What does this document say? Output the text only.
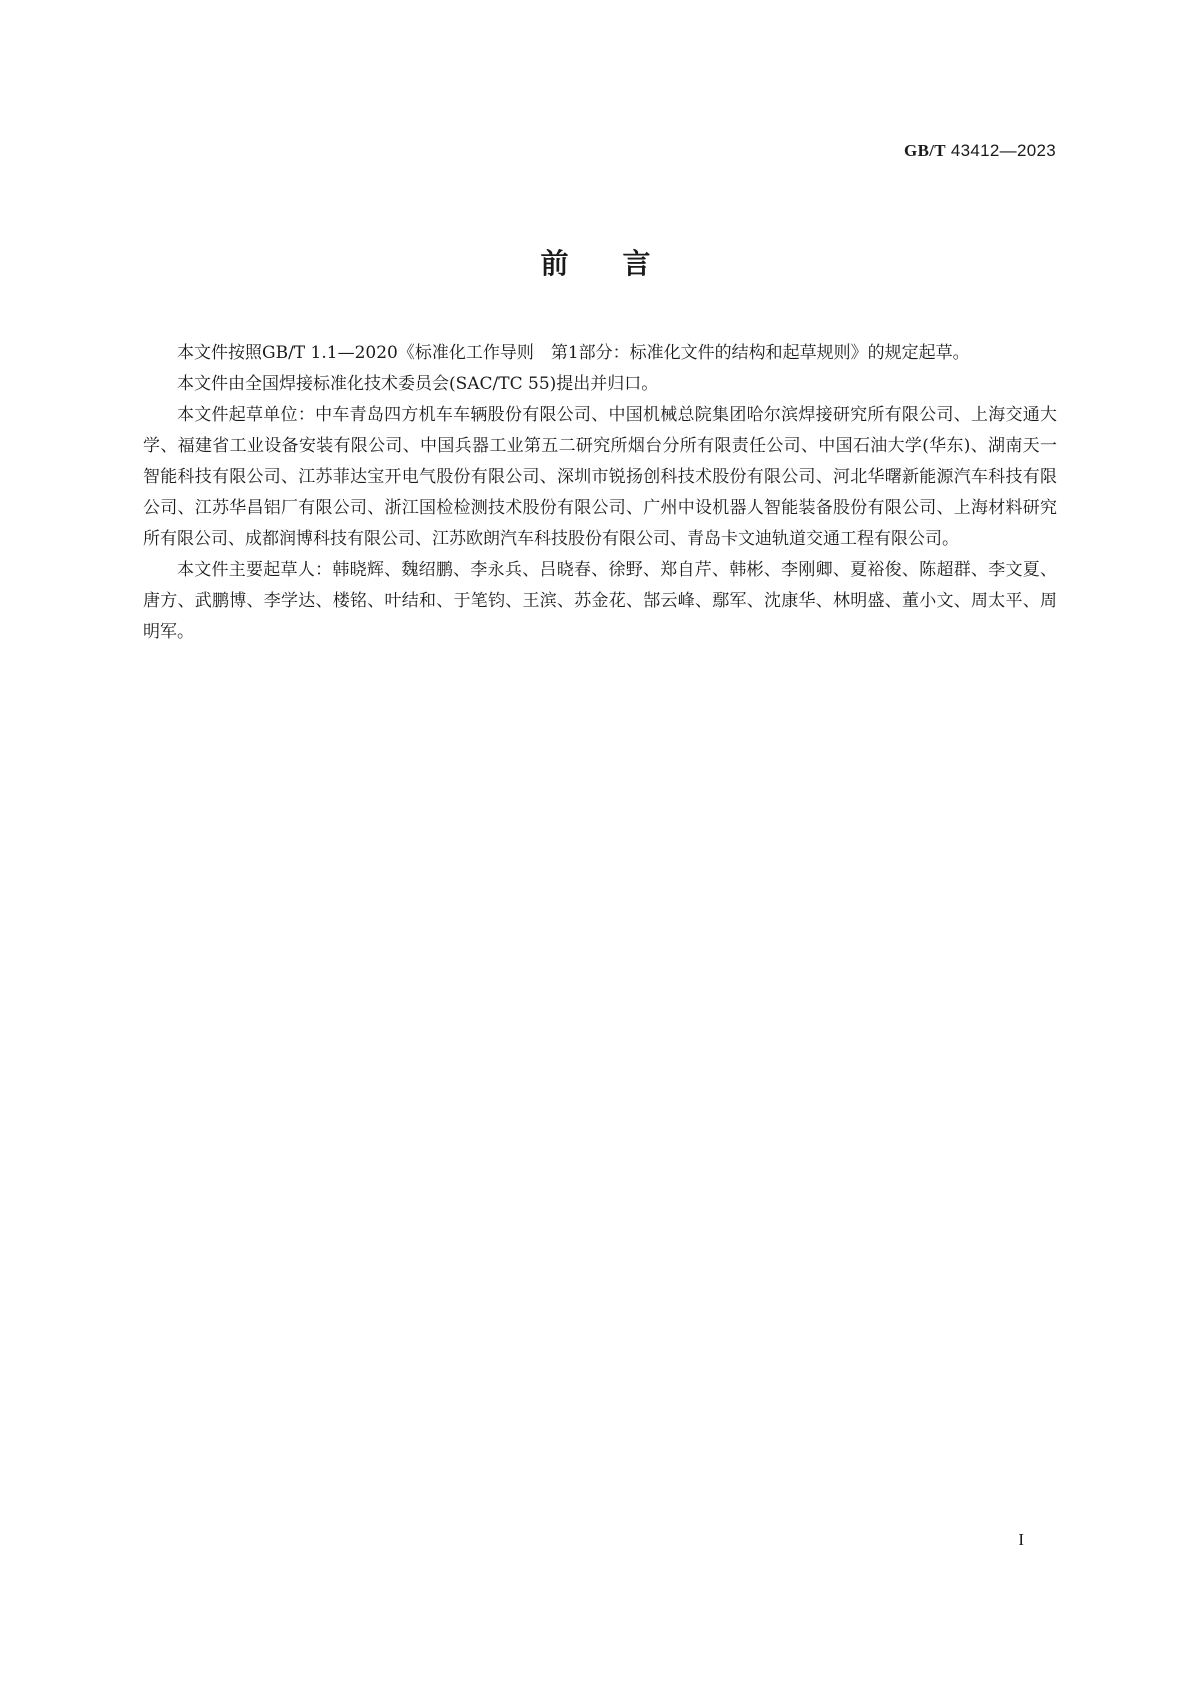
GB/T 43412—2023
前言

本文件按照GB/T 1.1—2020《标准化工作导则　第1部分：标准化文件的结构和起草规则》的规定起草。

本文件由全国焊接标准化技术委员会(SAC/TC 55)提出并归口。

本文件起草单位：中车青岛四方机车车辆股份有限公司、中国机械总院集团哈尔滨焊接研究所有限公司、上海交通大学、福建省工业设备安装有限公司、中国兵器工业第五二研究所烟台分所有限责任公司、中国石油大学(华东)、湖南天一智能科技有限公司、江苏菲达宝开电气股份有限公司、深圳市锐扬创科技术股份有限公司、河北华曙新能源汽车科技有限公司、江苏华昌铝厂有限公司、浙江国检检测技术股份有限公司、广州中设机器人智能装备股份有限公司、上海材料研究所有限公司、成都润博科技有限公司、江苏欧朗汽车科技股份有限公司、青岛卡文迪轨道交通工程有限公司。

本文件主要起草人：韩晓辉、魏绍鹏、李永兵、吕晓春、徐野、郑自芹、韩彬、李刚卿、夏裕俊、陈超群、李文夏、唐方、武鹏博、李学达、楼铭、叶结和、于笔钧、王滨、苏金花、郜云峰、鄢军、沈康华、林明盛、董小文、周太平、周明军。

I
